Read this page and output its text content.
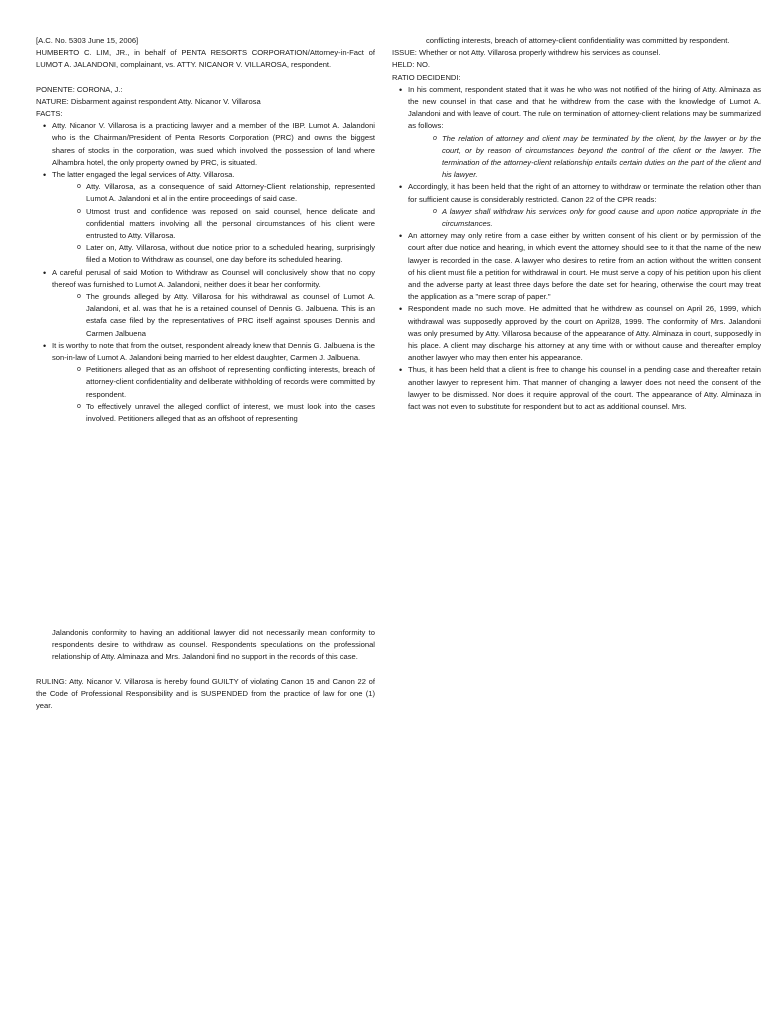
[A.C. No. 5303 June 15, 2006]

HUMBERTO C. LIM, JR., in behalf of PENTA RESORTS CORPORATION/Attorney-in-Fact of LUMOT A. JALANDONI, complainant, vs. ATTY. NICANOR V. VILLAROSA, respondent.

PONENTE: CORONA, J.:

NATURE: Disbarment against respondent Atty. Nicanor V. Villarosa

FACTS:

• Atty. Nicanor V. Villarosa is a practicing lawyer and a member of the IBP. Lumot A. Jalandoni who is the Chairman/President of Penta Resorts Corporation (PRC) and owns the biggest shares of stocks in the corporation, was sued which involved the possession of land where Alhambra hotel, the only property owned by PRC, is situated.
• The latter engaged the legal services of Atty. Villarosa.
o Atty. Villarosa, as a consequence of said Attorney-Client relationship, represented Lumot A. Jalandoni et al in the entire proceedings of said case.
o Utmost trust and confidence was reposed on said counsel, hence delicate and confidential matters involving all the personal circumstances of his client were entrusted to Atty. Villarosa.
o Later on, Atty. Villarosa, without due notice prior to a scheduled hearing, surprisingly filed a Motion to Withdraw as counsel, one day before its scheduled hearing.
• A careful perusal of said Motion to Withdraw as Counsel will conclusively show that no copy thereof was furnished to Lumot A. Jalandoni, neither does it bear her conformity.
o The grounds alleged by Atty. Villarosa for his withdrawal as counsel of Lumot A. Jalandoni, et al. was that he is a retained counsel of Dennis G. Jalbuena. This is an estafa case filed by the representatives of PRC itself against spouses Dennis and Carmen Jalbuena
• It is worthy to note that from the outset, respondent already knew that Dennis G. Jalbuena is the son-in-law of Lumot A. Jalandoni being married to her eldest daughter, Carmen J. Jalbuena.
o Petitioners alleged that as an offshoot of representing conflicting interests, breach of attorney-client confidentiality and deliberate withholding of records were committed by respondent.
o To effectively unravel the alleged conflict of interest, we must look into the cases involved. Petitioners alleged that as an offshoot of representing

conflicting interests, breach of attorney-client confidentiality was committed by respondent.

ISSUE: Whether or not Atty. Villarosa properly withdrew his services as counsel.

HELD: NO.

RATIO DECIDENDI:

• In his comment, respondent stated that it was he who was not notified of the hiring of Atty. Alminaza as the new counsel in that case and that he withdrew from the case with the knowledge of Lumot A. Jalandoni and with leave of court. The rule on termination of attorney-client relations may be summarized as follows:
o The relation of attorney and client may be terminated by the client, by the lawyer or by the court, or by reason of circumstances beyond the control of the client or the lawyer. The termination of the attorney-client relationship entails certain duties on the part of the client and his lawyer.
• Accordingly, it has been held that the right of an attorney to withdraw or terminate the relation other than for sufficient cause is considerably restricted. Canon 22 of the CPR reads:
o A lawyer shall withdraw his services only for good cause and upon notice appropriate in the circumstances.
• An attorney may only retire from a case either by written consent of his client or by permission of the court after due notice and hearing, in which event the attorney should see to it that the name of the new lawyer is recorded in the case. A lawyer who desires to retire from an action without the written consent of his client must file a petition for withdrawal in court. He must serve a copy of his petition upon his client and the adverse party at least three days before the date set for hearing, otherwise the court may treat the application as a "mere scrap of paper."
• Respondent made no such move. He admitted that he withdrew as counsel on April 26, 1999, which withdrawal was supposedly approved by the court on April28, 1999. The conformity of Mrs. Jalandoni was only presumed by Atty. Villarosa because of the appearance of Atty. Alminaza in court, supposedly in his place. A client may discharge his attorney at any time with or without cause and thereafter employ another lawyer who may then enter his appearance.
• Thus, it has been held that a client is free to change his counsel in a pending case and thereafter retain another lawyer to represent him. That manner of changing a lawyer does not need the consent of the lawyer to be dismissed. Nor does it require approval of the court. The appearance of Atty. Alminaza in fact was not even to substitute for respondent but to act as additional counsel. Mrs.

Jalandonis conformity to having an additional lawyer did not necessarily mean conformity to respondents desire to withdraw as counsel. Respondents speculations on the professional relationship of Atty. Alminaza and Mrs. Jalandoni find no support in the records of this case.

RULING: Atty. Nicanor V. Villarosa is hereby found GUILTY of violating Canon 15 and Canon 22 of the Code of Professional Responsibility and is SUSPENDED from the practice of law for one (1) year.
